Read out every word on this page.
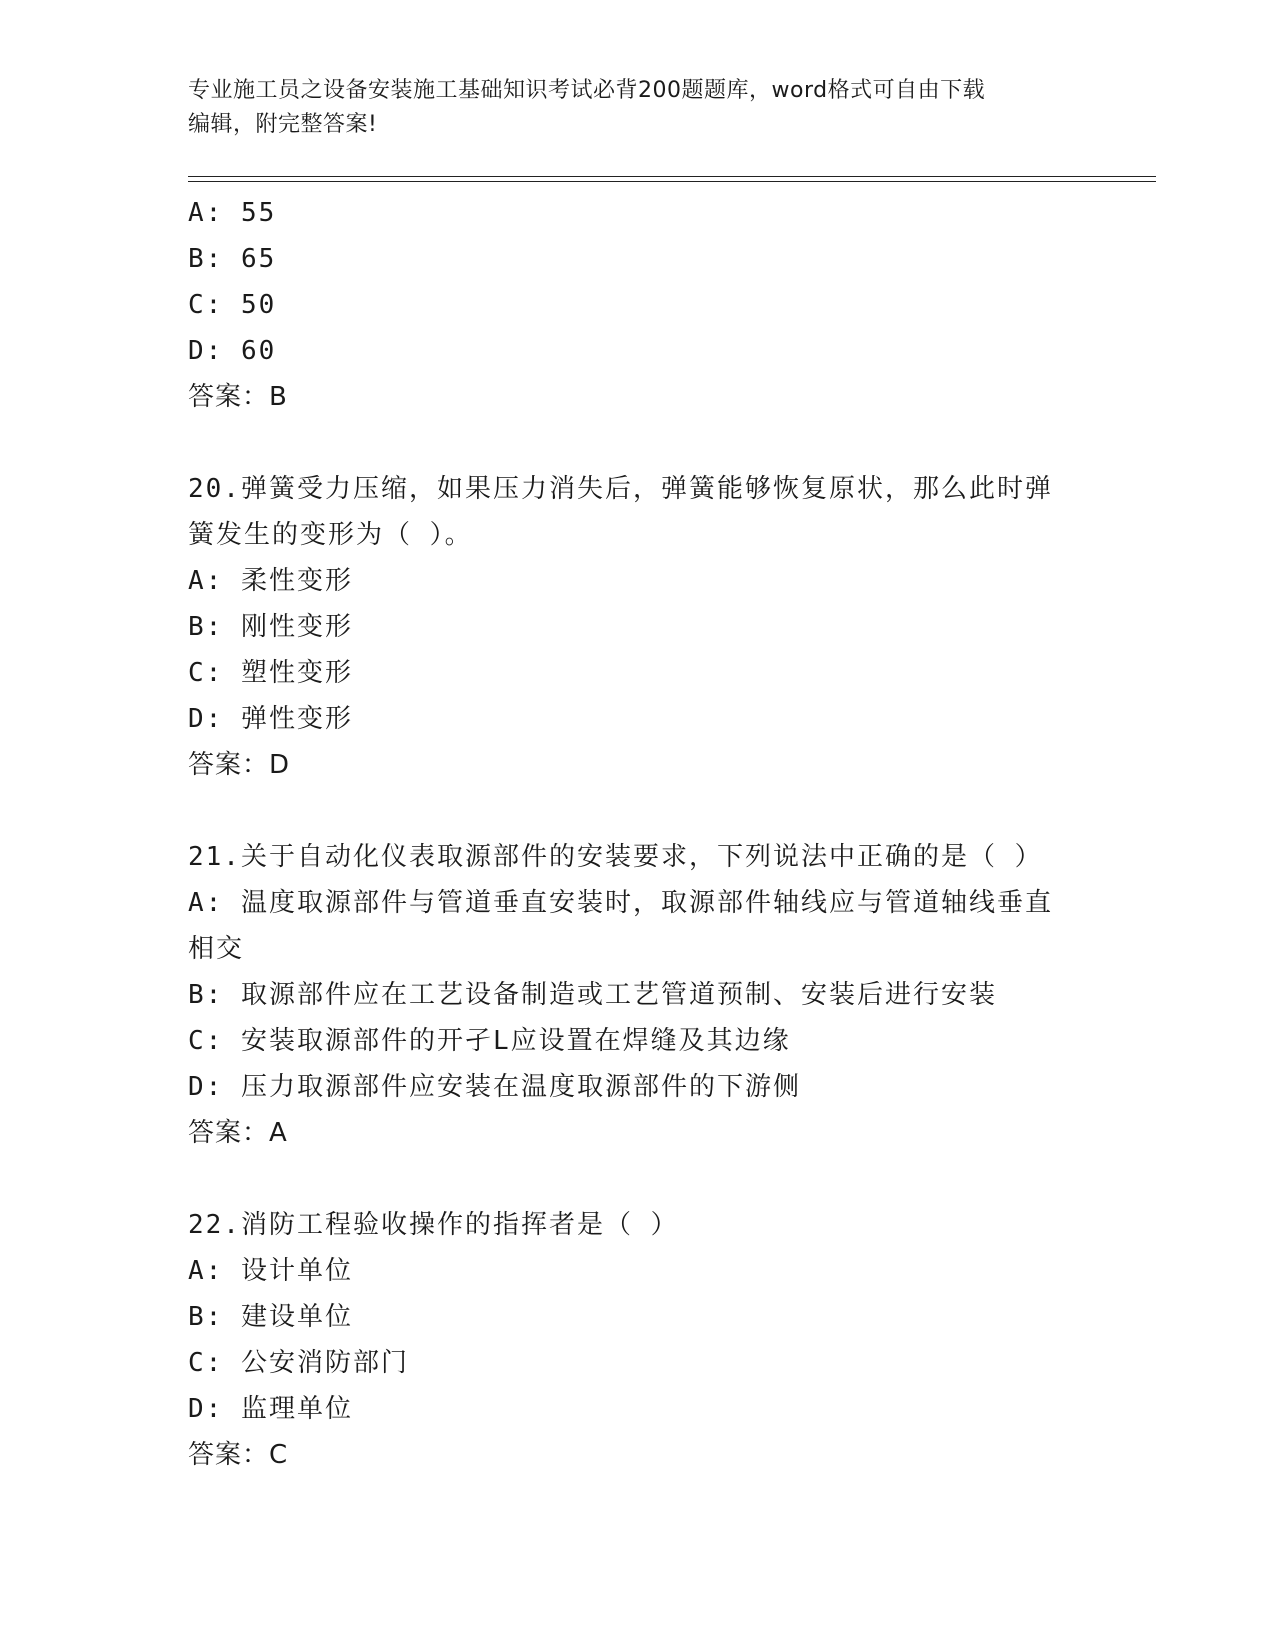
专业施工员之设备安装施工基础知识考试必背200题题库，word格式可自由下载
编辑，附完整答案!
A: 55
B: 65
C: 50
D: 60
答案：B
20.弹簧受力压缩，如果压力消失后，弹簧能够恢复原状，那么此时弹
簧发生的变形为（ ）。
A: 柔性变形
B: 刚性变形
C: 塑性变形
D: 弹性变形
答案：D
21.关于自动化仪表取源部件的安装要求，下列说法中正确的是（ ）
A: 温度取源部件与管道垂直安装时，取源部件轴线应与管道轴线垂直
相交
B: 取源部件应在工艺设备制造或工艺管道预制、安装后进行安装
C: 安装取源部件的开孑L应设置在焊缝及其边缘
D: 压力取源部件应安装在温度取源部件的下游侧
答案：A
22.消防工程验收操作的指挥者是（ ）
A: 设计单位
B: 建设单位
C: 公安消防部门
D: 监理单位
答案：C
